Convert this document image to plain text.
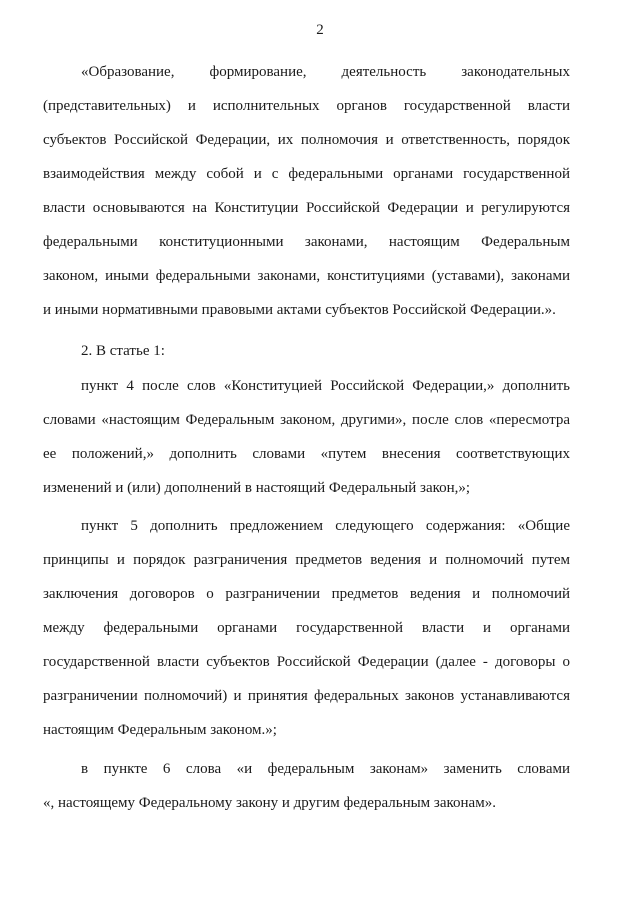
2
«Образование, формирование, деятельность законодательных
(представительных) и исполнительных органов государственной власти
субъектов Российской Федерации, их полномочия и ответственность, порядок
взаимодействия между собой и с федеральными органами государственной
власти основываются на Конституции Российской Федерации и регулируются
федеральными конституционными законами, настоящим Федеральным
законом, иными федеральными законами, конституциями (уставами), законами
и иными нормативными правовыми актами субъектов Российской Федерации.».
2. В статье 1:
пункт 4 после слов «Конституцией Российской Федерации,» дополнить
словами «настоящим Федеральным законом, другими», после слов «пересмотра
ее положений,» дополнить словами «путем внесения соответствующих
изменений и (или) дополнений в настоящий Федеральный закон,»;
пункт 5 дополнить предложением следующего содержания: «Общие
принципы и порядок разграничения предметов ведения и полномочий путем
заключения договоров о разграничении предметов ведения и полномочий
между федеральными органами государственной власти и органами
государственной власти субъектов Российской Федерации (далее - договоры о
разграничении полномочий) и принятия федеральных законов устанавливаются
настоящим Федеральным законом.»;
в пункте 6 слова «и федеральным законам» заменить словами
«, настоящему Федеральному закону и другим федеральным законам».
